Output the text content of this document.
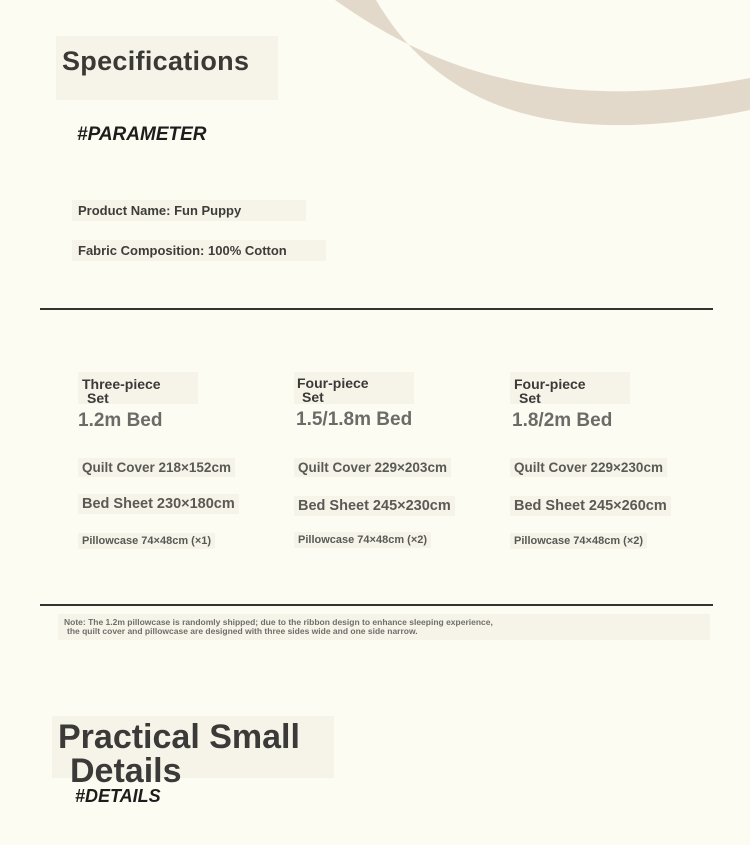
Specifications
#PARAMETER
Product Name: Fun Puppy
Fabric Composition: 100% Cotton
Three-piece
Set
1.2m Bed
Quilt Cover 218×152cm
Bed Sheet 230×180cm
Pillowcase 74×48cm (×1)
Four-piece
Set
1.5/1.8m Bed
Quilt Cover 229×203cm
Bed Sheet 245×230cm
Pillowcase 74×48cm (×2)
Four-piece
Set
1.8/2m Bed
Quilt Cover 229×230cm
Bed Sheet 245×260cm
Pillowcase 74×48cm (×2)
Note: The 1.2m pillowcase is randomly shipped; due to the ribbon design to enhance sleeping experience,
the quilt cover and pillowcase are designed with three sides wide and one side narrow.
Practical Small
Details
#DETAILS
